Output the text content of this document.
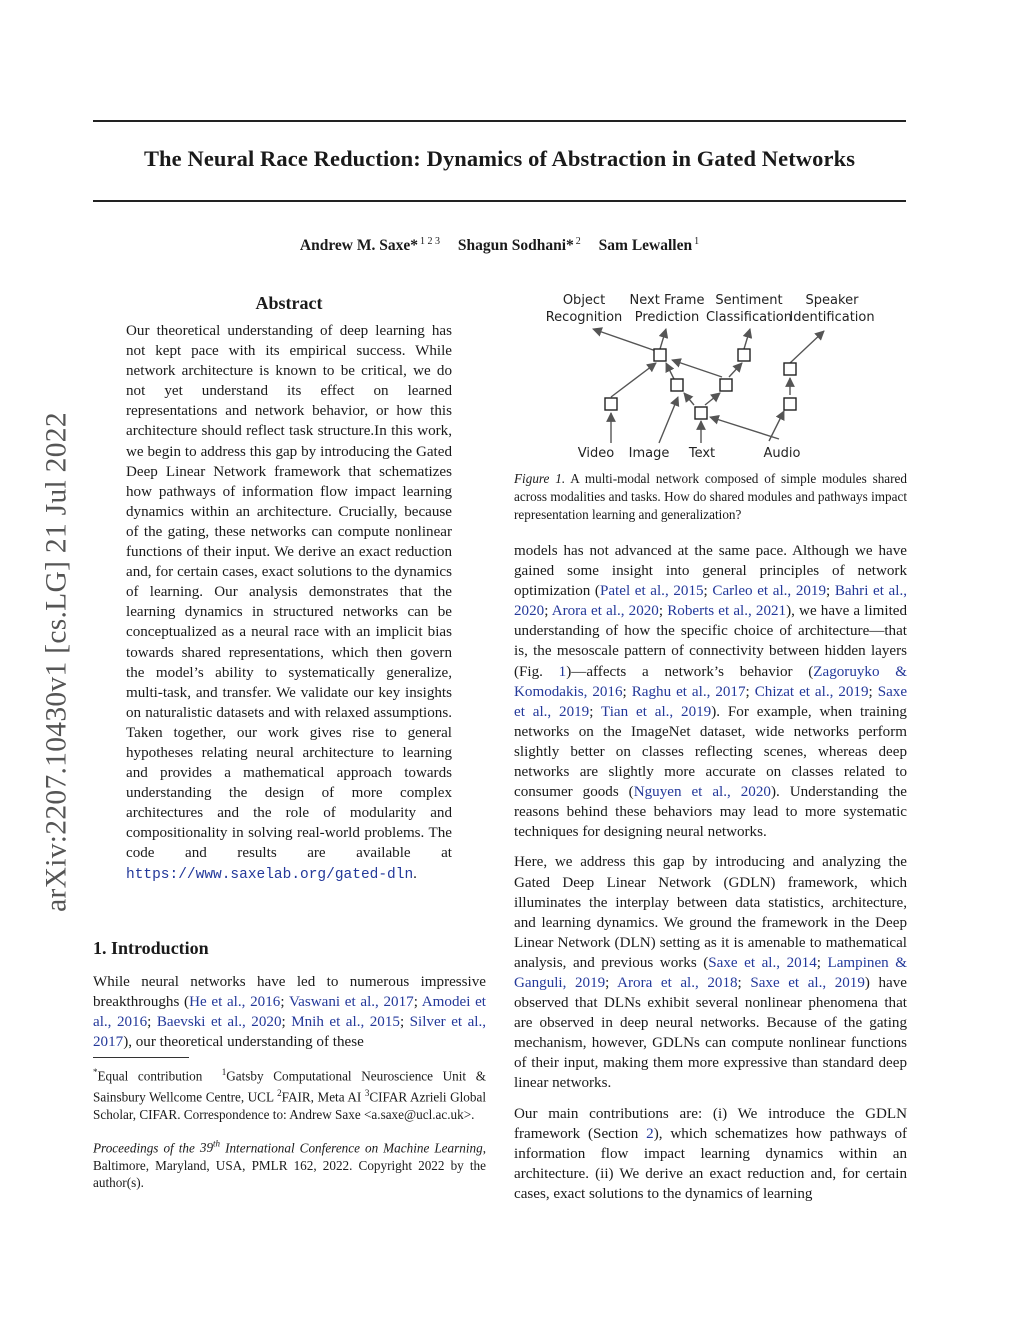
The Neural Race Reduction: Dynamics of Abstraction in Gated Networks
Andrew M. Saxe* $^{1 2 3}$ Shagun Sodhani* $^2$ Sam Lewallen $^1$
arXiv:2207.10430v1 [cs.LG] 21 Jul 2022
Abstract

Our theoretical understanding of deep learning has not kept pace with its empirical success. While network architecture is known to be critical, we do not yet understand its effect on learned representations and network behavior, or how this architecture should reflect task structure.In this work, we begin to address this gap by introducing the Gated Deep Linear Network framework that schematizes how pathways of information flow impact learning dynamics within an architecture. Crucially, because of the gating, these networks can compute nonlinear functions of their input. We derive an exact reduction and, for certain cases, exact solutions to the dynamics of learning. Our analysis demonstrates that the learning dynamics in structured networks can be conceptualized as a neural race with an implicit bias towards shared representations, which then govern the model’s ability to systematically generalize, multi-task, and transfer. We validate our key insights on naturalistic datasets and with relaxed assumptions. Taken together, our work gives rise to general hypotheses relating neural architecture to learning and provides a mathematical approach towards understanding the design of more complex architectures and the role of modularity and compositionality in solving real-world problems. The code and results are available at https://www.saxelab.org/gated-dln.

1. Introduction

While neural networks have led to numerous impressive breakthroughs (He et al., 2016; Vaswani et al., 2017; Amodei et al., 2016; Baevski et al., 2020; Mnih et al., 2015; Silver et al., 2017), our theoretical understanding of these

*Equal contribution $^1$Gatsby Computational Neuroscience Unit & Sainsbury Wellcome Centre, UCL $^2$FAIR, Meta AI $^3$CIFAR Azrieli Global Scholar, CIFAR. Correspondence to: Andrew Saxe <a.saxe@ucl.ac.uk>.

Proceedings of the 39th International Conference on Machine Learning, Baltimore, Maryland, USA, PMLR 162, 2022. Copyright 2022 by the author(s).

Object
Recognition
Next Frame
Prediction
Sentiment
Classification
Speaker
Identification
Video Image Text	Audio
Figure 1. A multi-modal network composed of simple modules shared across modalities and tasks. How do shared modules and pathways impact representation learning and generalization?

models has not advanced at the same pace. Although we have gained some insight into general principles of network optimization (Patel et al., 2015; Carleo et al., 2019; Bahri et al., 2020; Arora et al., 2020; Roberts et al., 2021), we have a limited understanding of how the specific choice of architecture—that is, the mesoscale pattern of connectivity between hidden layers (Fig. 1)—affects a network’s behavior (Zagoruyko & Komodakis, 2016; Raghu et al., 2017; Chizat et al., 2019; Saxe et al., 2019; Tian et al., 2019). For example, when training networks on the ImageNet dataset, wide networks perform slightly better on classes reflecting scenes, whereas deep networks are slightly more accurate on classes related to consumer goods (Nguyen et al., 2020). Understanding the reasons behind these behaviors may lead to more systematic techniques for designing neural networks.

Here, we address this gap by introducing and analyzing the Gated Deep Linear Network (GDLN) framework, which illuminates the interplay between data statistics, architecture, and learning dynamics. We ground the framework in the Deep Linear Network (DLN) setting as it is amenable to mathematical analysis, and previous works (Saxe et al., 2014; Lampinen & Ganguli, 2019; Arora et al., 2018; Saxe et al., 2019) have observed that DLNs exhibit several nonlinear phenomena that are observed in deep neural networks. Because of the gating mechanism, however, GDLNs can compute nonlinear functions of their input, making them more expressive than standard deep linear networks.

Our main contributions are: (i) We introduce the GDLN framework (Section 2), which schematizes how pathways of information flow impact learning dynamics within an architecture. (ii) We derive an exact reduction and, for certain cases, exact solutions to the dynamics of learning
